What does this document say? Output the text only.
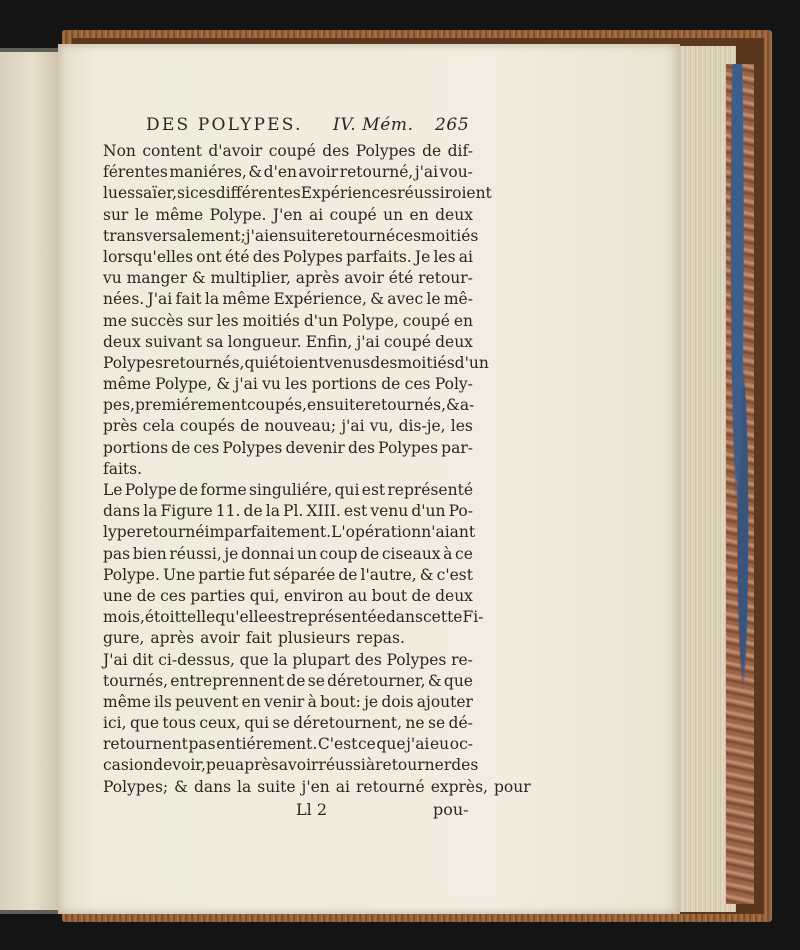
DES POLYPES. IV. Mém. 265
Non content d'avoir coupé des Polypes de dif-
férentes maniéres, & d'en avoir retourné, j'ai vou-
lu essaïer, si ces différentes Expériences réussiroient
sur le même Polype. J'en ai coupé un en deux
transversalement; j'ai ensuite retourné ces moitiés
lorsqu'elles ont été des Polypes parfaits. Je les ai
vu manger & multiplier, après avoir été retour-
nées. J'ai fait la même Expérience, & avec le mê-
me succès sur les moitiés d'un Polype, coupé en
deux suivant sa longueur. Enfin, j'ai coupé deux
Polypes retournés, qui étoient venus des moitiés d'un
même Polype, & j'ai vu les portions de ces Poly-
pes, premiérement coupés, ensuite retournés, & a-
près cela coupés de nouveau; j'ai vu, dis-je, les
portions de ces Polypes devenir des Polypes par-
faits.
Le Polype de forme singuliére, qui est représenté
dans la Figure 11. de la Pl. XIII. est venu d'un Po-
lype retourné imparfaitement. L'opération n'aiant
pas bien réussi, je donnai un coup de ciseaux à ce
Polype. Une partie fut séparée de l'autre, & c'est
une de ces parties qui, environ au bout de deux
mois, étoit telle qu'elle est représentée dans cette Fi-
gure, après avoir fait plusieurs repas.
J'ai dit ci-dessus, que la plupart des Polypes re-
tournés, entreprennent de se déretourner, & que
même ils peuvent en venir à bout: je dois ajouter
ici, que tous ceux, qui se déretournent, ne se dé-
retournent pas entiérement. C'est ce que j'ai eu oc-
casion de voir, peu après avoir réussi à retourner des
Polypes; & dans la suite j'en ai retourné exprès, pour
Ll 2	pou-
